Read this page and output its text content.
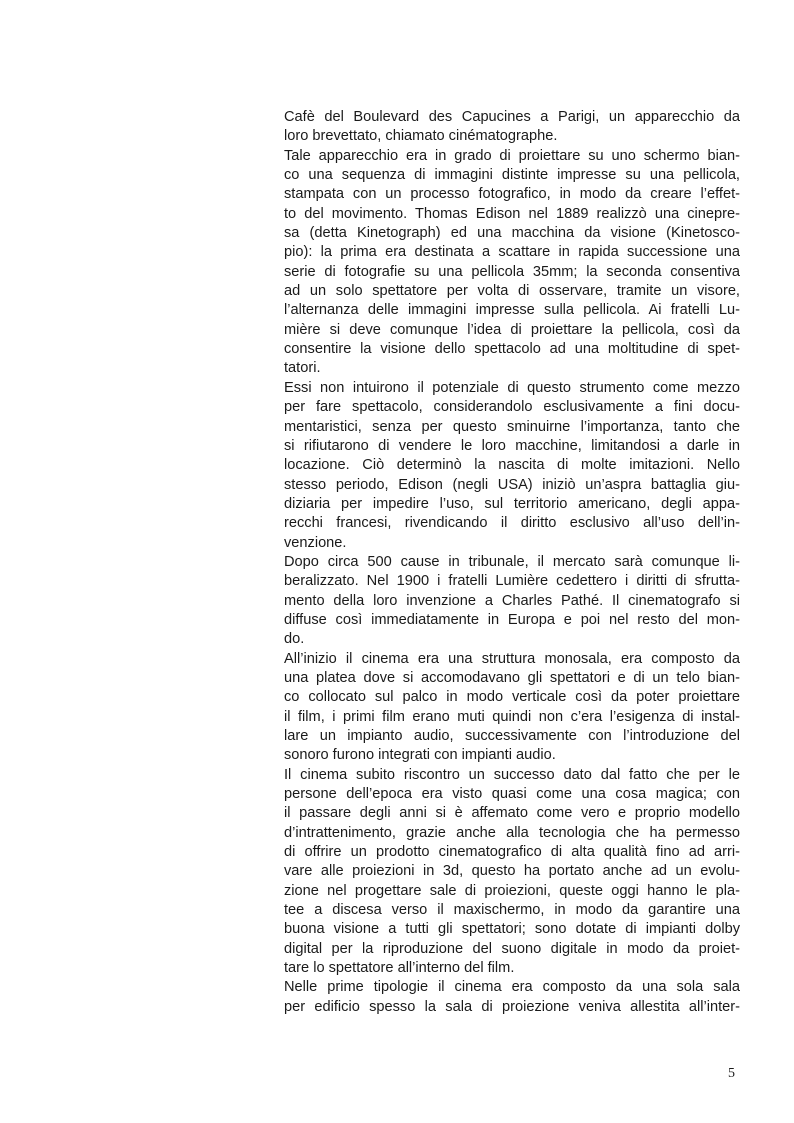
Cafè del Boulevard des Capucines a Parigi, un apparecchio da
loro brevettato, chiamato cinématographe.
Tale apparecchio era in grado di proiettare su uno schermo bian-
co una sequenza di immagini distinte impresse su una pellicola,
stampata con un processo fotografico, in modo da creare l’effet-
to del movimento. Thomas Edison nel 1889 realizzò una cinepre-
sa (detta Kinetograph) ed una macchina da visione (Kinetosco-
pio): la prima era destinata a scattare in rapida successione una
serie di fotografie su una pellicola 35mm; la seconda consentiva
ad un solo spettatore per volta di osservare, tramite un visore,
l’alternanza delle immagini impresse sulla pellicola. Ai fratelli Lu-
mière si deve comunque l’idea di proiettare la pellicola, così da
consentire la visione dello spettacolo ad una moltitudine di spet-
tatori.
Essi non intuirono il potenziale di questo strumento come mezzo
per fare spettacolo, considerandolo esclusivamente a fini docu-
mentaristici, senza per questo sminuirne l’importanza, tanto che
si rifiutarono di vendere le loro macchine, limitandosi a darle in
locazione. Ciò determinò la nascita di molte imitazioni. Nello
stesso periodo, Edison (negli USA) iniziò un’aspra battaglia giu-
diziaria per impedire l’uso, sul territorio americano, degli appa-
recchi francesi, rivendicando il diritto esclusivo all’uso dell’in-
venzione.
Dopo circa 500 cause in tribunale, il mercato sarà comunque li-
beralizzato. Nel 1900 i fratelli Lumière cedettero i diritti di sfrutta-
mento della loro invenzione a Charles Pathé. Il cinematografo si
diffuse così immediatamente in Europa e poi nel resto del mon-
do.
All’inizio il cinema era una struttura monosala, era composto da
una platea dove si accomodavano gli spettatori e di un telo bian-
co collocato sul palco in modo verticale così da poter proiettare
il film, i primi film erano muti quindi non c’era l’esigenza di instal-
lare un impianto audio, successivamente con l’introduzione del
sonoro furono integrati con impianti audio.
Il cinema subito riscontro un successo dato dal fatto che per le
persone dell’epoca era visto quasi come una cosa magica; con
il passare degli anni si è affemato come vero e proprio modello
d’intrattenimento, grazie anche alla tecnologia che ha permesso
di offrire un prodotto cinematografico di alta qualità fino ad arri-
vare alle proiezioni in 3d, questo ha portato anche ad un evolu-
zione nel progettare sale di proiezioni, queste oggi hanno le pla-
tee a discesa verso il maxischermo, in modo da garantire una
buona visione a tutti gli spettatori; sono dotate di impianti dolby
digital per la riproduzione del suono digitale in modo da proiet-
tare lo spettatore all’interno del film.
Nelle prime tipologie il cinema era composto da una sola sala
per edificio spesso la sala di proiezione veniva allestita all’inter-
5
